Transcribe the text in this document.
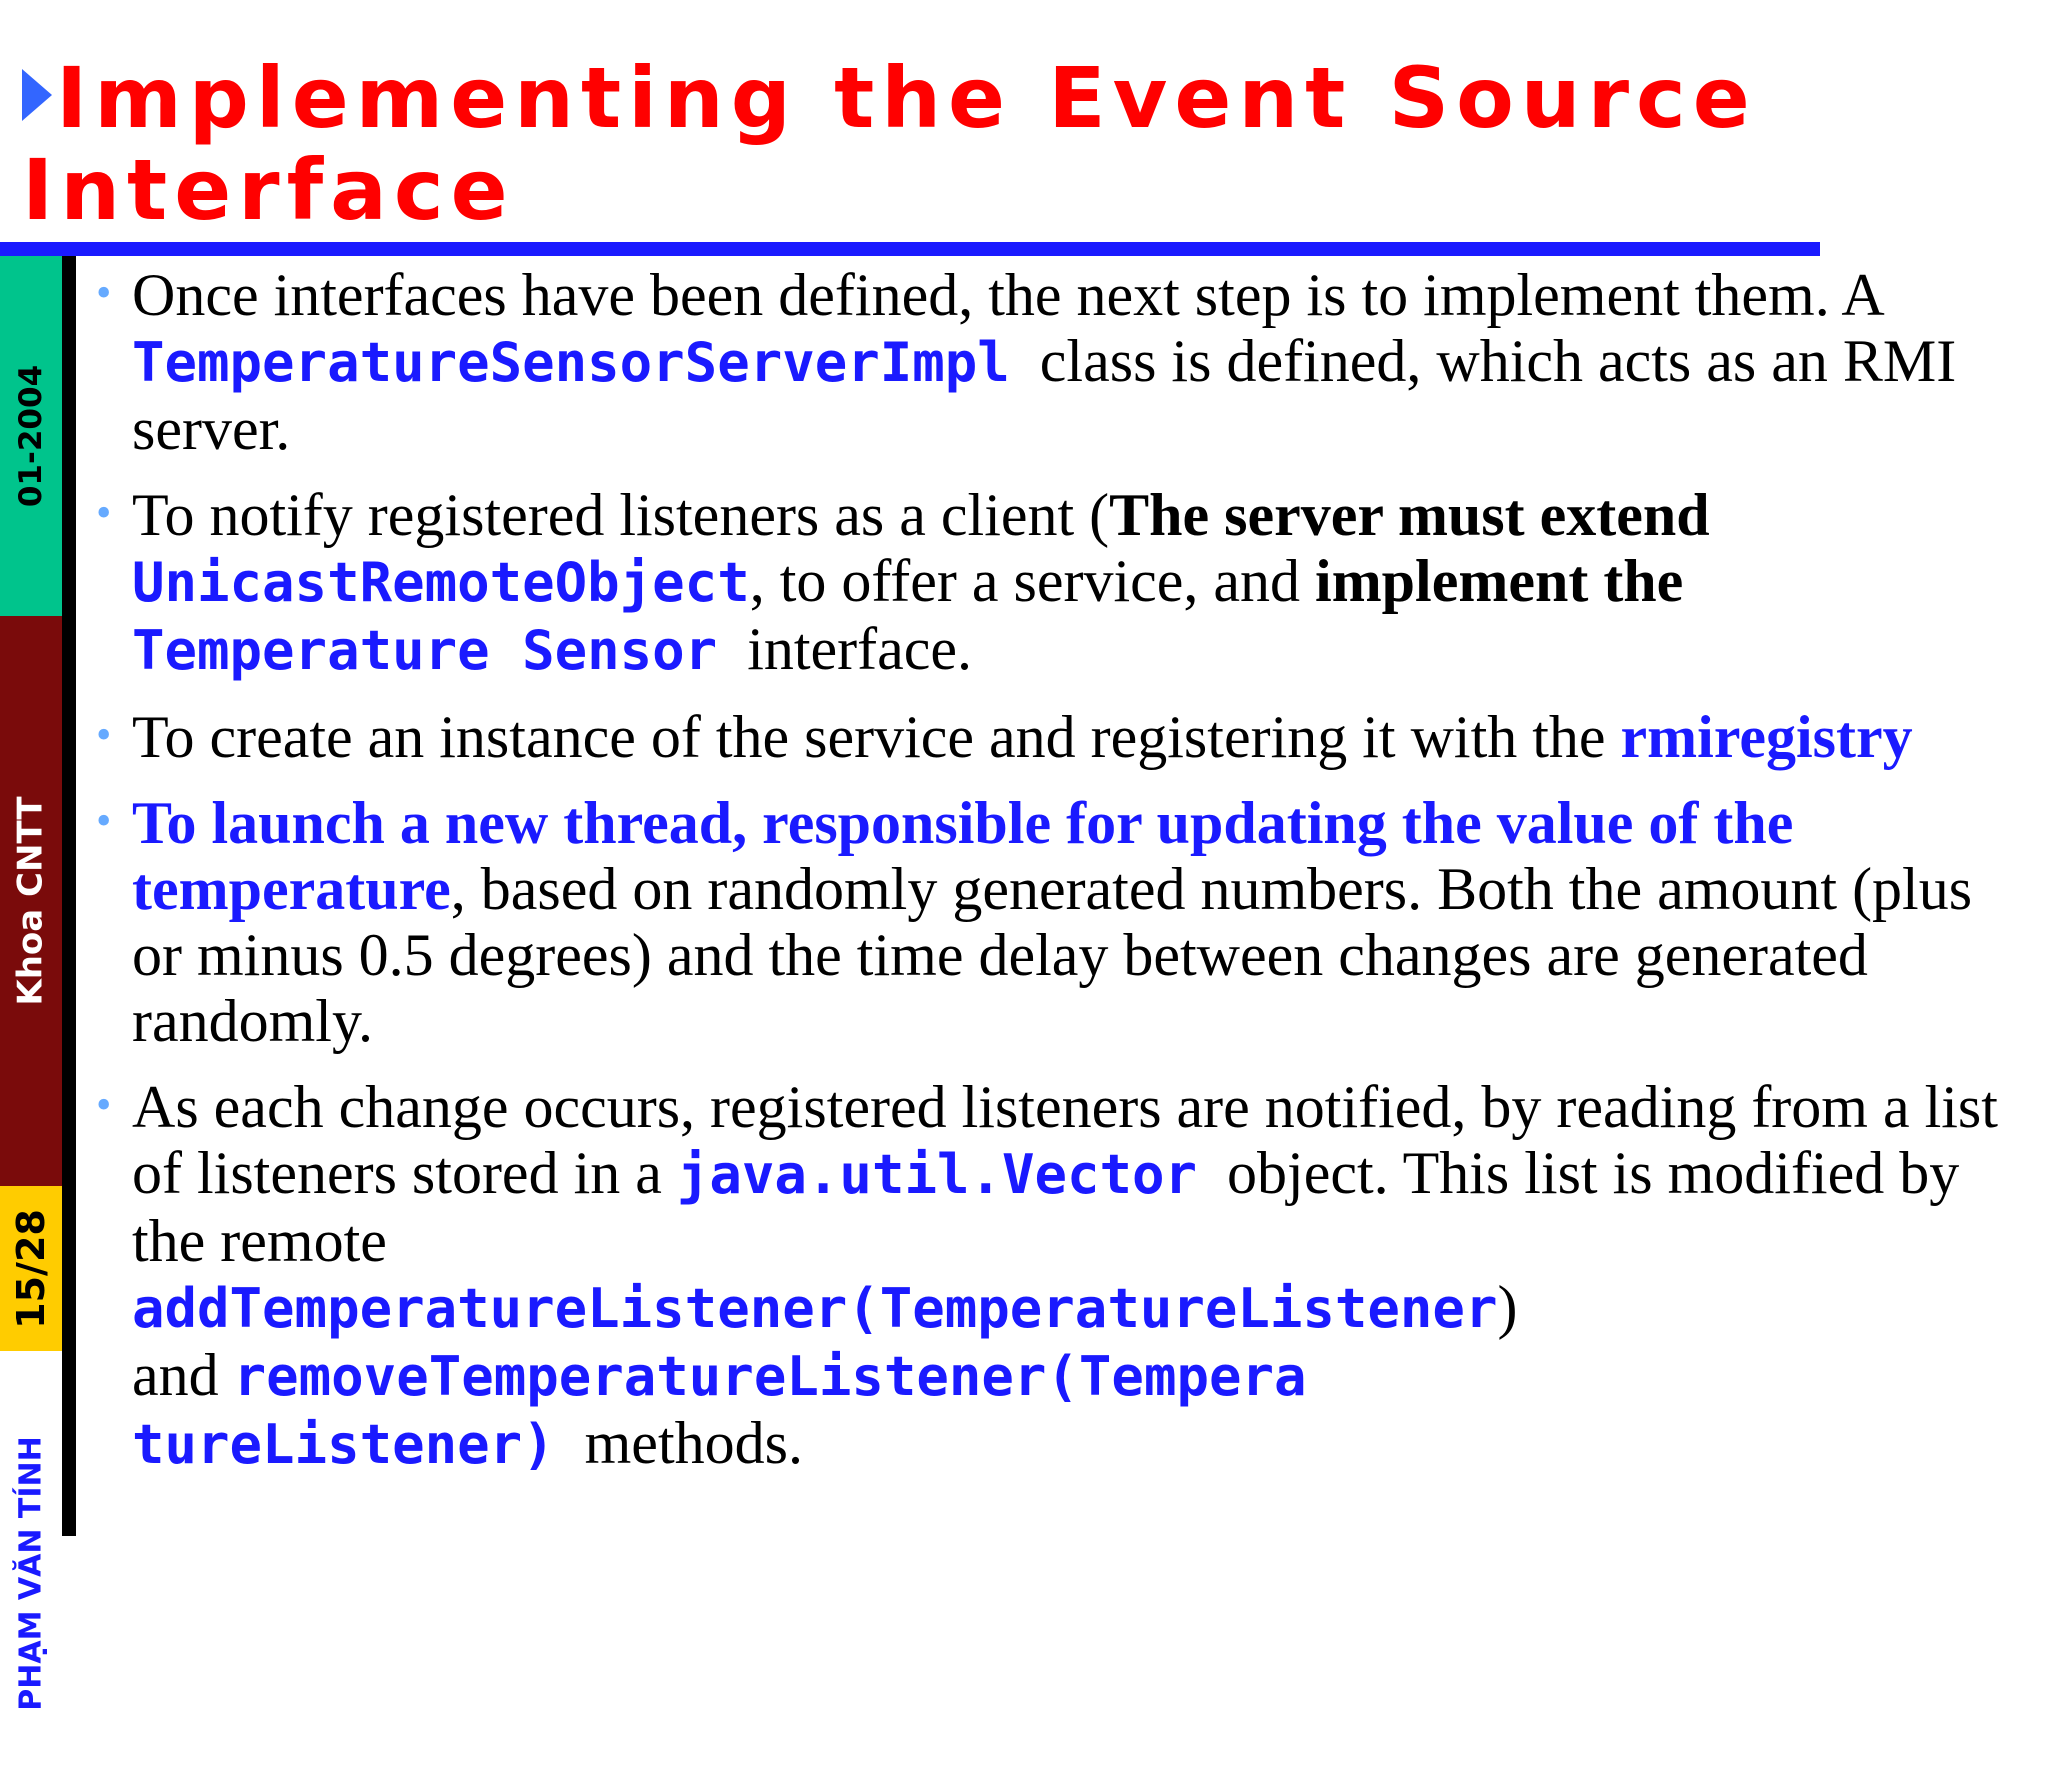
Implementing the Event Source Interface
01-2004
Khoa CNTT
15/28
PHẠM VĂN TÍNH
• Once interfaces have been defined, the next step is to implement them. A TemperatureSensorServerImpl  class is defined, which acts as an RMI server.
• To notify registered listeners as a client (The server must extend
UnicastRemoteObject, to offer a service, and implement the
Temperature Sensor  interface.
• To create an instance of the service and registering it with the rmiregistry
• To launch a new thread, responsible for updating the value of the temperature, based on randomly generated numbers. Both the amount (plus or minus 0.5 degrees) and the time delay between changes are generated randomly.
• As each change occurs, registered listeners are notified, by reading from a list of listeners stored in a java.util.Vector  object. This list is modified by the remote
addTemperatureListener(TemperatureListener)
and removeTemperatureListener(Tempera
tureListener)  methods.
